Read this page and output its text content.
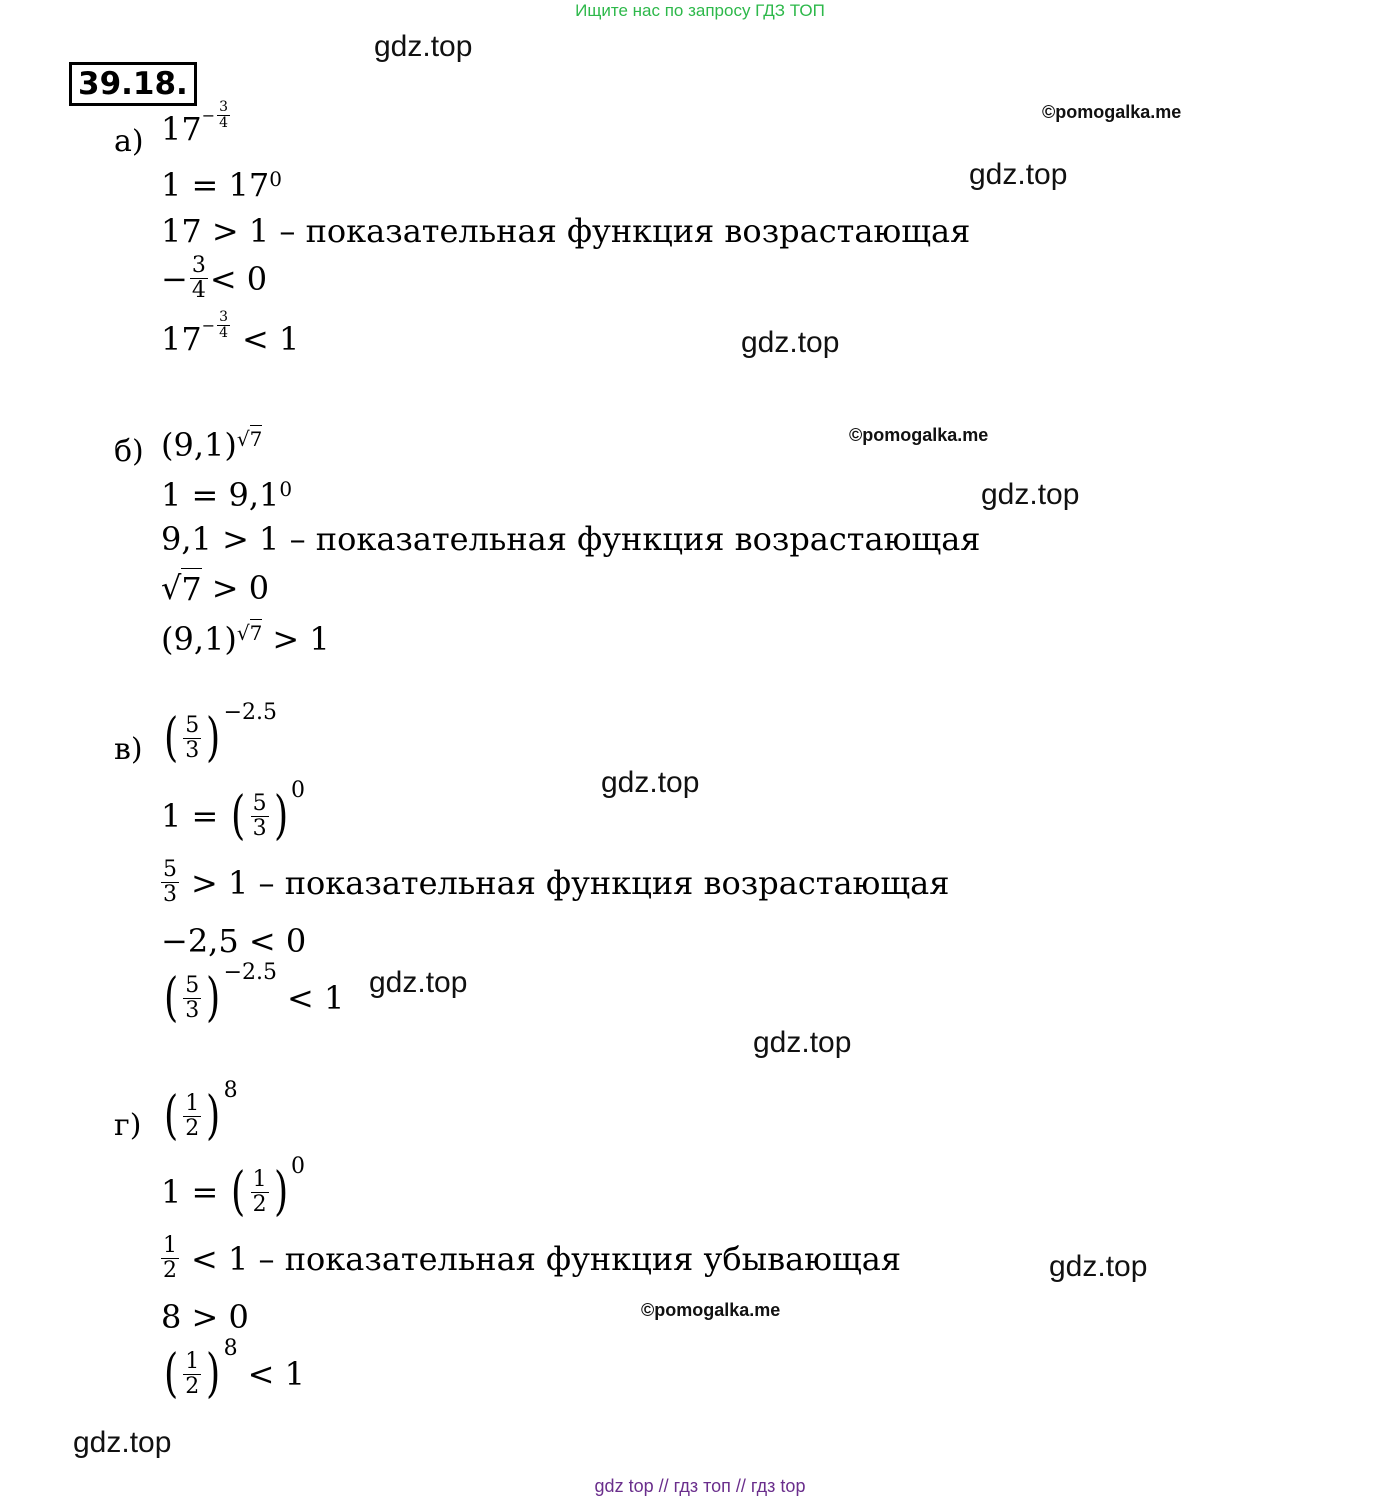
Ищите нас по запросу ГДЗ ТОП
39.18.
gdz.top
gdz.top
gdz.top
gdz.top
gdz.top
gdz.top
gdz.top
gdz.top
gdz.top
©pomogalka.me
©pomogalka.me
©pomogalka.me
а) $17 - \frac{3}{4}$
1 = 17 0
17 > 1 – показательная функция возрастающая
− $\frac{3}{4} < 0$
$17 - \frac{3}{4} < 1$
б) (9,1) √7
1 = 9,1 0
9,1 > 1 – показательная функция возрастающая
√ 7 > 0
(9,1) √7 > 1
в) ( $\frac{5}{3}$ ) −2.5
1 = ( $\frac{5}{3}$ ) 0
$\frac{5}{3} > 1$ – показательная функция возрастающая
−2,5 < 0
( $\frac{5}{3}$ ) −2.5
< 1
г) ( $\frac{1}{2}$ ) 8
1 = ( $\frac{1}{2}$ ) 0
$\frac{1}{2} < 1$ – показательная функция убывающая
8 > 0
( $\frac{1}{2}$ ) 8
< 1
gdz top // гдз топ // гдз top
